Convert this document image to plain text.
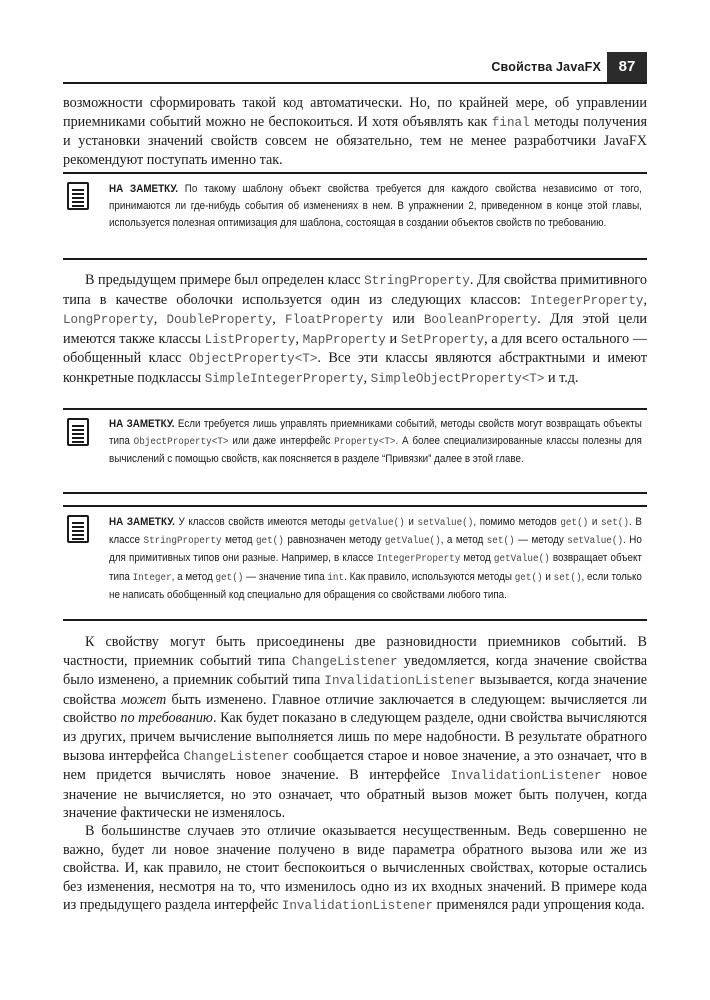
Свойства JavaFX	87

возможности сформировать такой код автоматически. Но, по крайней мере, об управлении приемниками событий можно не беспокоиться. И хотя объявлять как final методы получения и установки значений свойств совсем не обязательно, тем не менее разработчики JavaFX рекомендуют поступать именно так.

НА ЗАМЕТКУ. По такому шаблону объект свойства требуется для каждого свойства независимо от того, принимаются ли где-нибудь события об изменениях в нем. В упражнении 2, приведенном в конце этой главы, используется полезная оптимизация для шаблона, состоящая в создании объектов свойств по требованию.

В предыдущем примере был определен класс StringProperty. Для свойства примитивного типа в качестве оболочки используется один из следующих классов: IntegerProperty, LongProperty, DoubleProperty, FloatProperty или BooleanProperty. Для этой цели имеются также классы ListProperty, MapProperty и SetProperty, а для всего остального — обобщенный класс ObjectProperty<T>. Все эти классы являются абстрактными и имеют конкретные подклассы SimpleIntegerProperty, SimpleObjectProperty<T> и т.д.

НА ЗАМЕТКУ. Если требуется лишь управлять приемниками событий, методы свойств могут возвращать объекты типа ObjectProperty<T> или даже интерфейс Property<T>. А более специализированные классы полезны для вычислений с помощью свойств, как поясняется в разделе “Привязки” далее в этой главе.

НА ЗАМЕТКУ. У классов свойств имеются методы getValue() и setValue(), помимо методов get() и set(). В классе StringProperty метод get() равнозначен методу getValue(), а метод set() — методу setValue(). Но для примитивных типов они разные. Например, в классе IntegerProperty метод getValue() возвращает объект типа Integer, а метод get() — значение типа int. Как правило, используются методы get() и set(), если только не написать обобщенный код специально для обращения со свойствами любого типа.

К свойству могут быть присоединены две разновидности приемников событий. В частности, приемник событий типа ChangeListener уведомляется, когда значение свойства было изменено, а приемник событий типа InvalidationListener вызывается, когда значение свойства может быть изменено. Главное отличие заключается в следующем: вычисляется ли свойство по требованию. Как будет показано в следующем разделе, одни свойства вычисляются из других, причем вычисление выполняется лишь по мере надобности. В результате обратного вызова интерфейса ChangeListener сообщается старое и новое значение, а это означает, что в нем придется вычислять новое значение. В интерфейсе InvalidationListener новое значение не вычисляется, но это означает, что обратный вызов может быть получен, когда значение фактически не изменялось.

В большинстве случаев это отличие оказывается несущественным. Ведь совершенно не важно, будет ли новое значение получено в виде параметра обратного вызова или же из свойства. И, как правило, не стоит беспокоиться о вычисленных свойствах, которые остались без изменения, несмотря на то, что изменилось одно из их входных значений. В примере кода из предыдущего раздела интерфейс InvalidationListener применялся ради упрощения кода.
